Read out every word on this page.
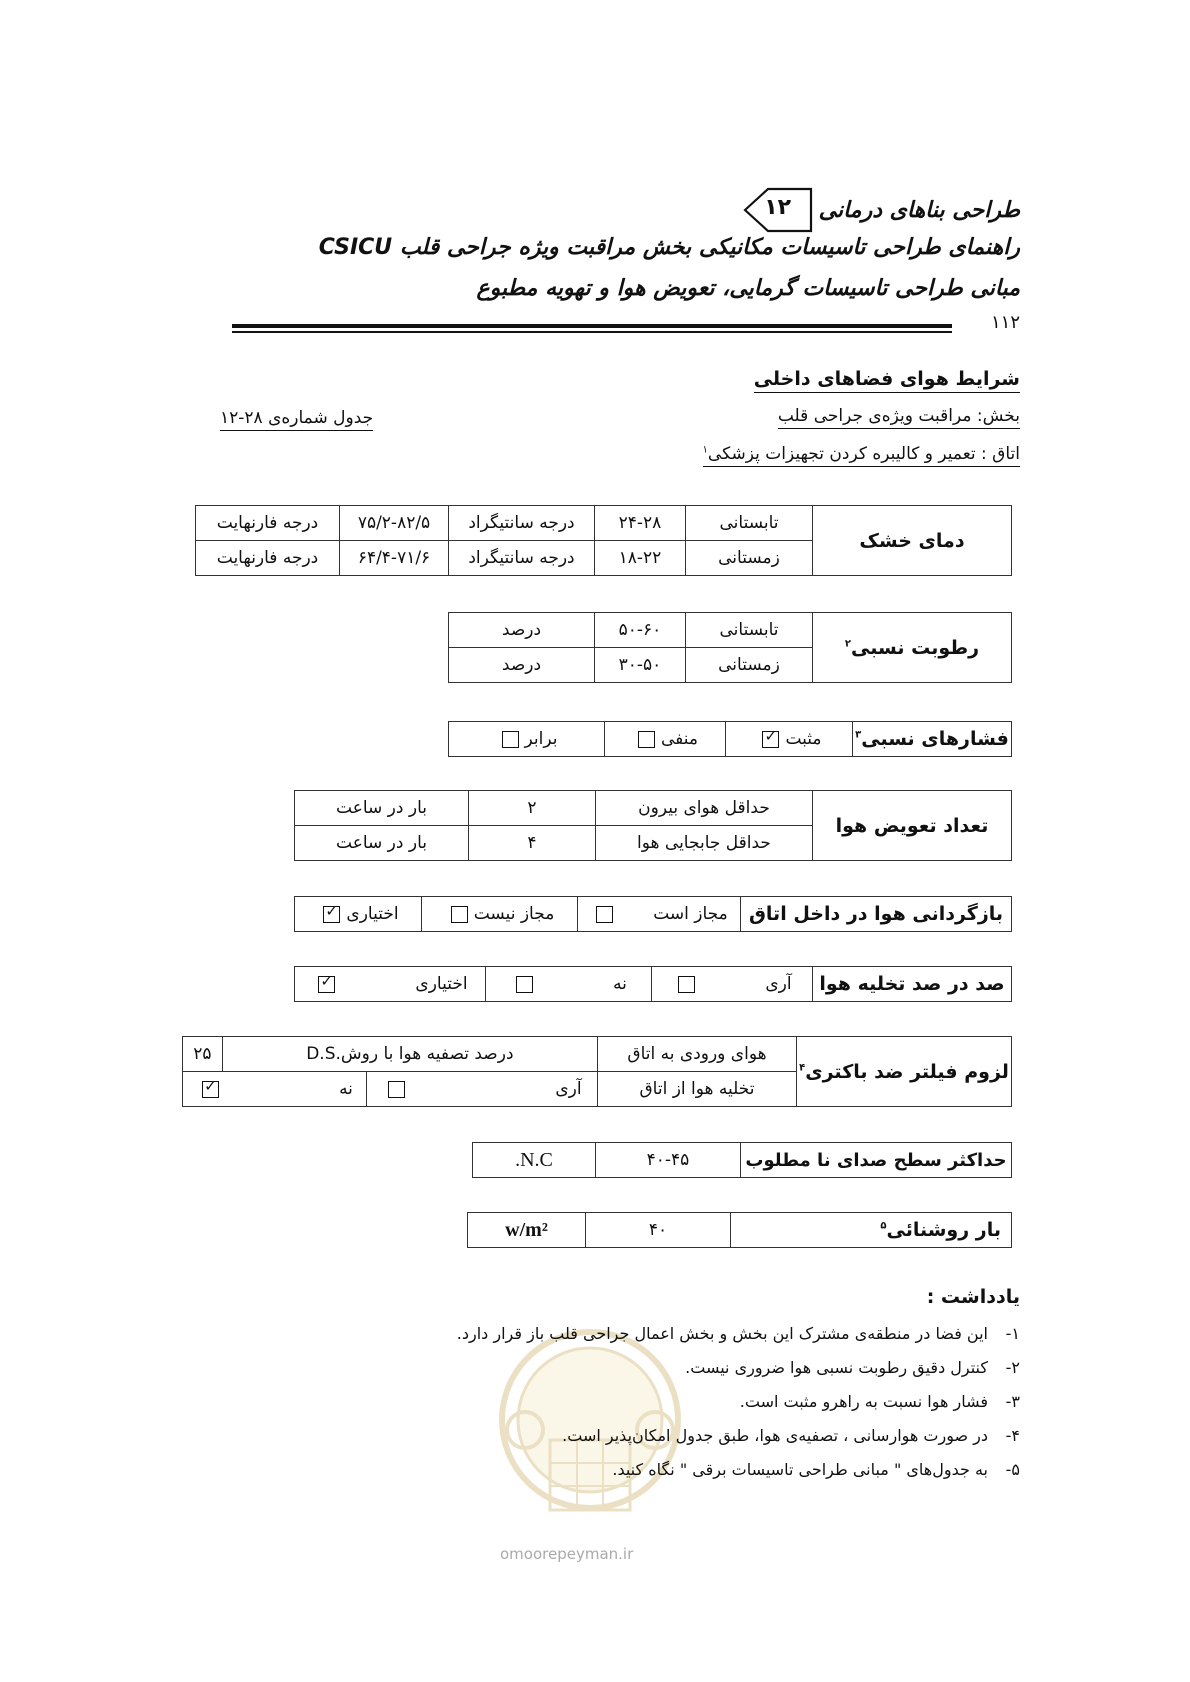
طراحی بناهای درمانی
۱۲
راهنمای طراحی تاسیسات مکانیکی بخش مراقبت ویژه جراحی قلب CSICU
مبانی طراحی تاسیسات گرمایی، تعویض هوا و تهویه مطبوع
۱۱۲
شرایط هوای فضاهای داخلی
بخش: مراقبت ویژه‌ی جراحی قلب
اتاق : تعمیر و کالیبره کردن تجهیزات پزشکی$^۱$
جدول شماره‌ی ۲۸-۱۲
دمای خشک	تابستانی	۲۴-۲۸	درجه سانتیگراد	۷۵/۲-۸۲/۵	درجه فارنهایت
	زمستانی	۱۸-۲۲	درجه سانتیگراد	۶۴/۴-۷۱/۶	درجه فارنهایت
رطوبت نسبی$^۲$	تابستانی	۵۰-۶۰	درصد
	زمستانی	۳۰-۵۰	درصد
فشارهای نسبی$^۳$	مثبت✓	منفی	برابر
تعداد تعویض هوا	حداقل هوای بیرون	۲	بار در ساعت
	حداقل جابجایی هوا	۴	بار در ساعت
بازگردانی هوا در داخل اتاق	مجاز است	مجاز نیست	اختیاری✓
صد در صد تخلیه هوا	آری	نه	اختیاری✓
لزوم فیلتر ضد باکتری$^۴$	هوای ورودی به اتاق	درصد تصفیه هوا با روش.D.S		۲۵
	تخلیه هوا از اتاق	آری	نه✓
حداکثر سطح صدای نا مطلوب	۴۰-۴۵	N.C.
بار روشنائی$^۵$	۴۰	w/m²
omoorepeyman.ir
یادداشت :
۱-این فضا در منطقه‌ی مشترک این بخش و بخش اعمال جراحی قلب باز قرار دارد.
۲-کنترل دقیق رطوبت نسبی هوا ضروری نیست.
۳-فشار هوا نسبت به راهرو مثبت است.
۴-در صورت هوارسانی ، تصفیه‌ی هوا، طبق جدول امکان‌پذیر است.
۵-به جدول‌های " مبانی طراحی تاسیسات برقی " نگاه کنید.
